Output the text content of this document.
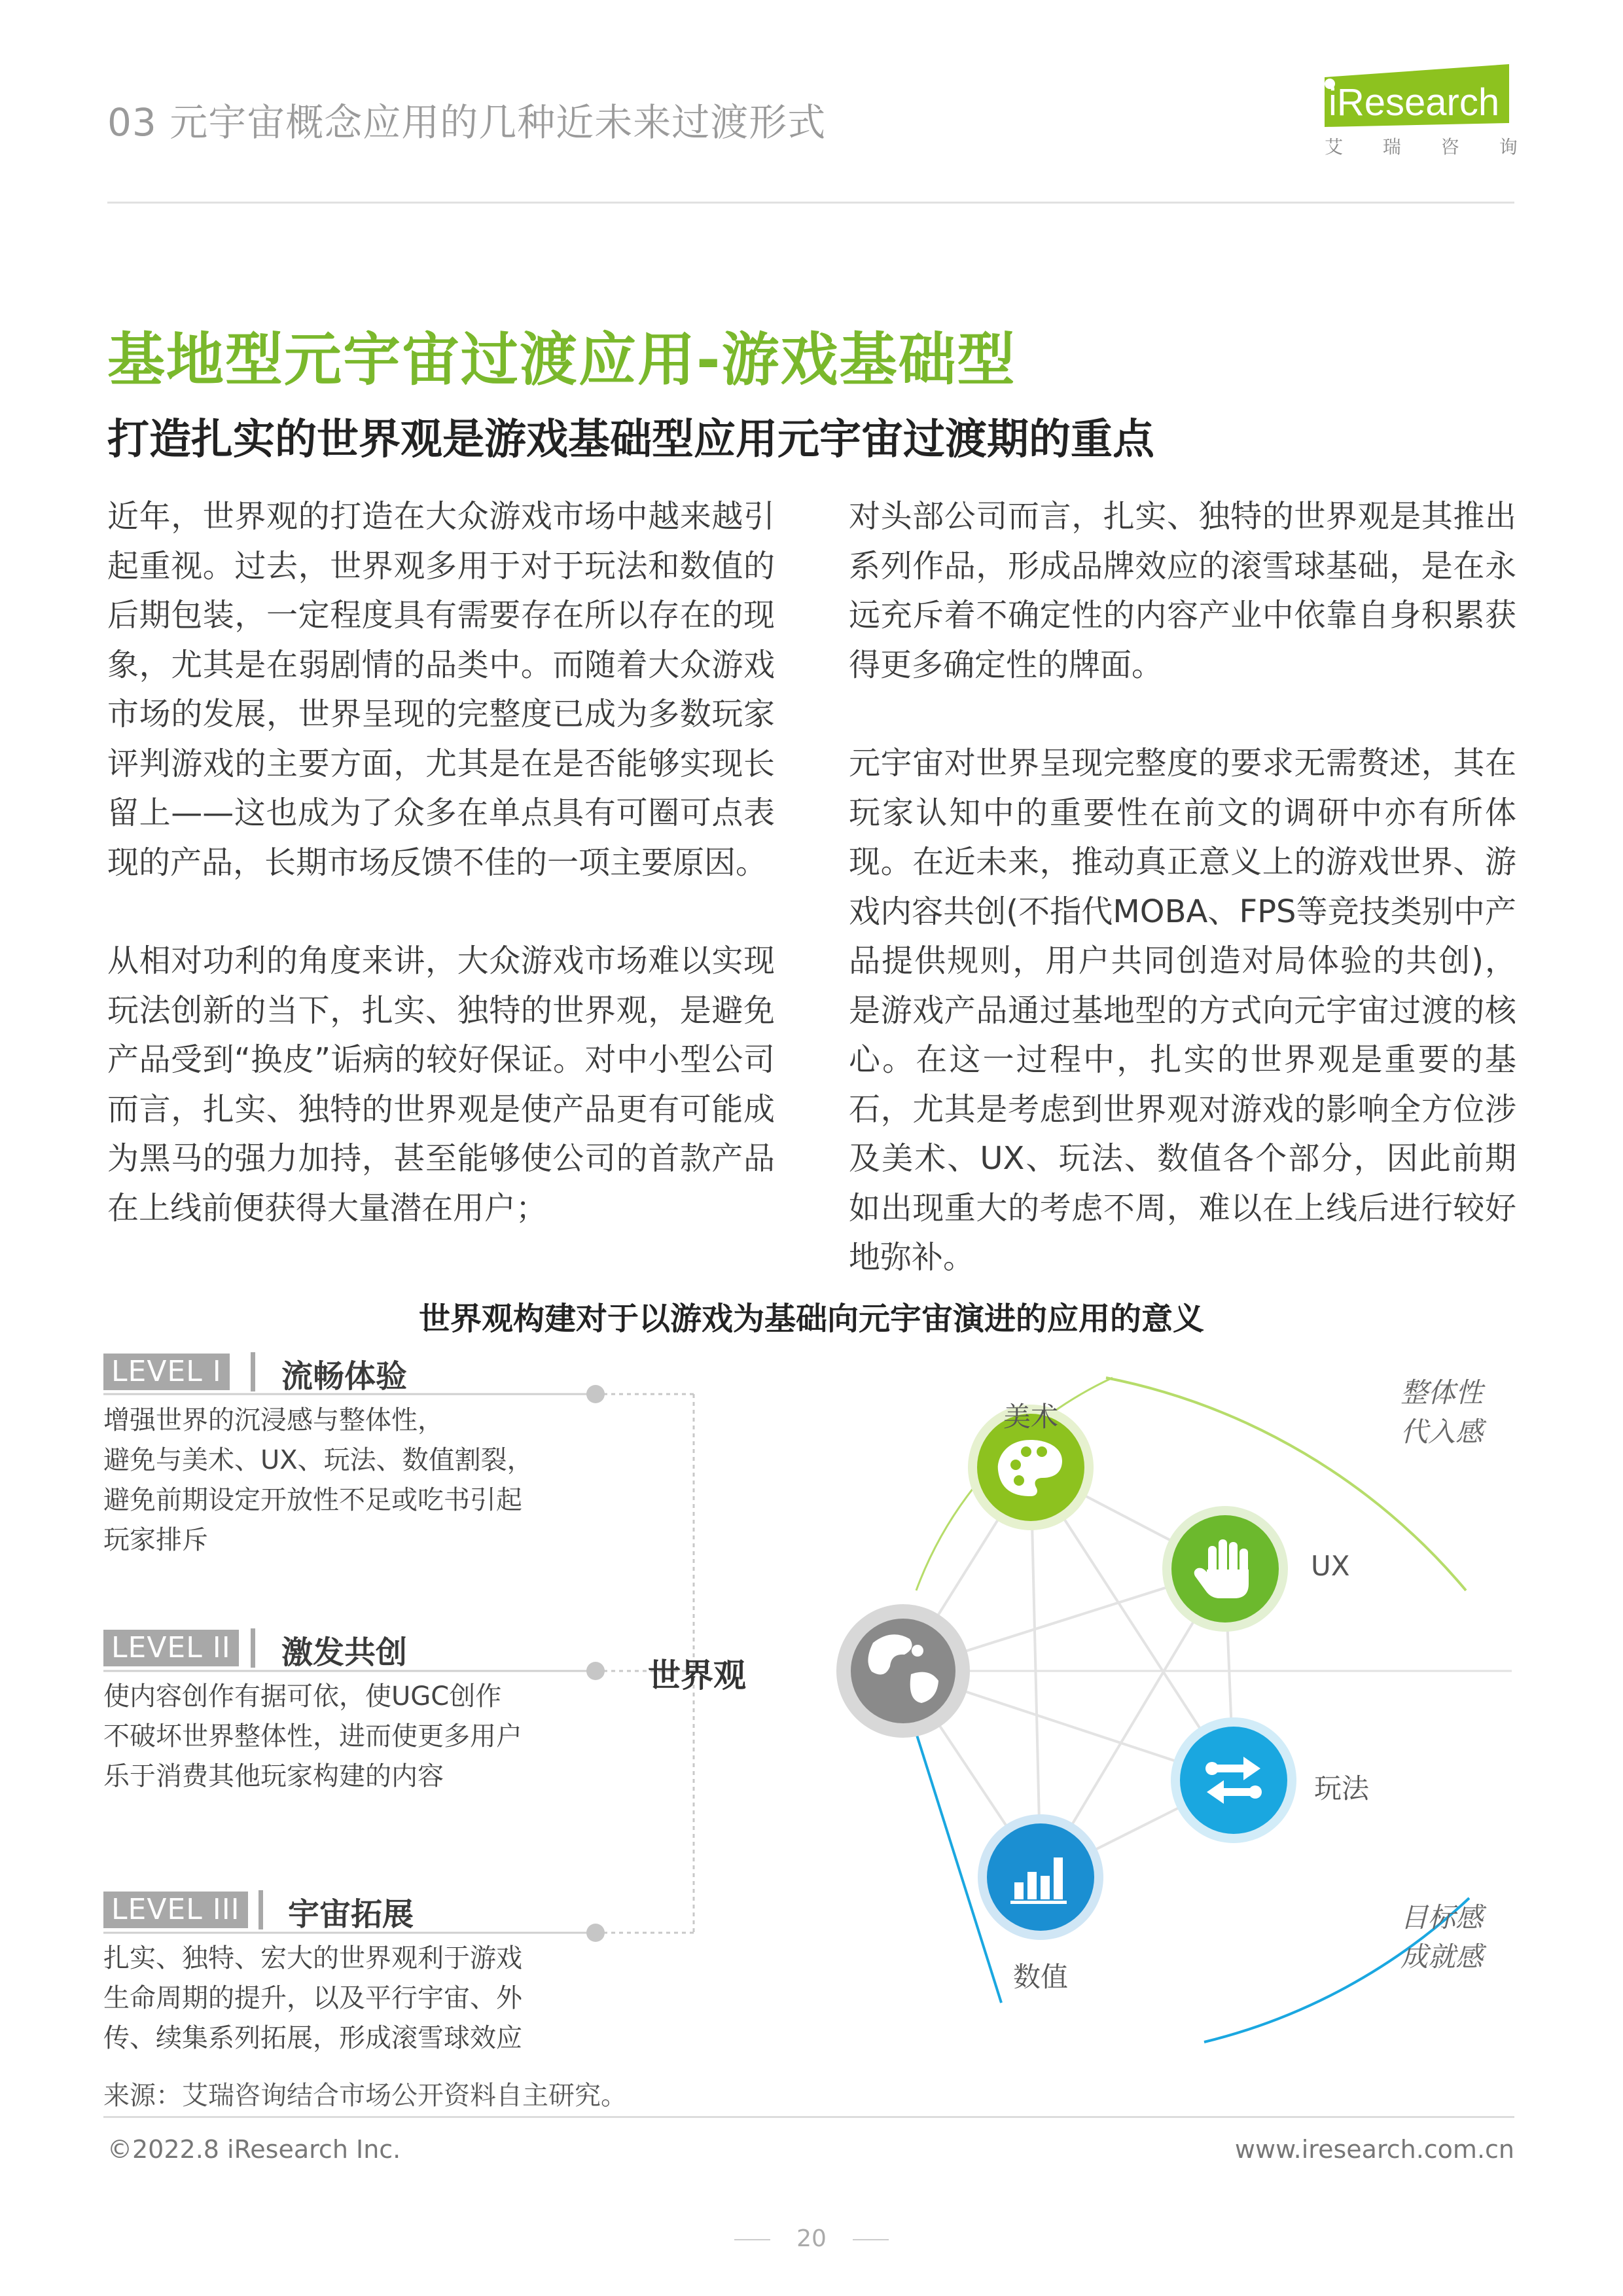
03 元宇宙概念应用的几种近未来过渡形式	iResearch
艾 瑞 咨 询
基地型元宇宙过渡应用-游戏基础型
打造扎实的世界观是游戏基础型应用元宇宙过渡期的重点

近年，世界观的打造在大众游戏市场中越来越引起重视。过去，世界观多用于对于玩法和数值的后期包装，一定程度具有需要存在所以存在的现象，尤其是在弱剧情的品类中。而随着大众游戏市场的发展，世界呈现的完整度已成为多数玩家评判游戏的主要方面，尤其是在是否能够实现长留上——这也成为了众多在单点具有可圈可点表现的产品，长期市场反馈不佳的一项主要原因。

从相对功利的角度来讲，大众游戏市场难以实现玩法创新的当下，扎实、独特的世界观，是避免产品受到“换皮”诟病的较好保证。对中小型公司而言，扎实、独特的世界观是使产品更有可能成为黑马的强力加持，甚至能够使公司的首款产品在上线前便获得大量潜在用户；

对头部公司而言，扎实、独特的世界观是其推出系列作品，形成品牌效应的滚雪球基础，是在永远充斥着不确定性的内容产业中依靠自身积累获得更多确定性的牌面。

元宇宙对世界呈现完整度的要求无需赘述，其在玩家认知中的重要性在前文的调研中亦有所体现。在近未来，推动真正意义上的游戏世界、游戏内容共创(不指代MOBA、FPS等竞技类别中产品提供规则，用户共同创造对局体验的共创)，是游戏产品通过基地型的方式向元宇宙过渡的核心。在这一过程中，扎实的世界观是重要的基石，尤其是考虑到世界观对游戏的影响全方位涉及美术、UX、玩法、数值各个部分，因此前期如出现重大的考虑不周，难以在上线后进行较好地弥补。

世界观构建对于以游戏为基础向元宇宙演进的应用的意义
LEVEL I 流畅体验
增强世界的沉浸感与整体性，
避免与美术、UX、玩法、数值割裂，
避免前期设定开放性不足或吃书引起
玩家排斥
LEVEL II 激发共创
使内容创作有据可依，使UGC创作
不破坏世界整体性，进而使更多用户
乐于消费其他玩家构建的内容
LEVEL III 宇宙拓展
扎实、独特、宏大的世界观利于游戏
生命周期的提升，以及平行宇宙、外
传、续集系列拓展，形成滚雪球效应
世界观
美术
UX
玩法
数值
整体性
代入感
目标感
成就感
来源：艾瑞咨询结合市场公开资料自主研究。
©2022.8 iResearch Inc.	www.iresearch.com.cn
20
